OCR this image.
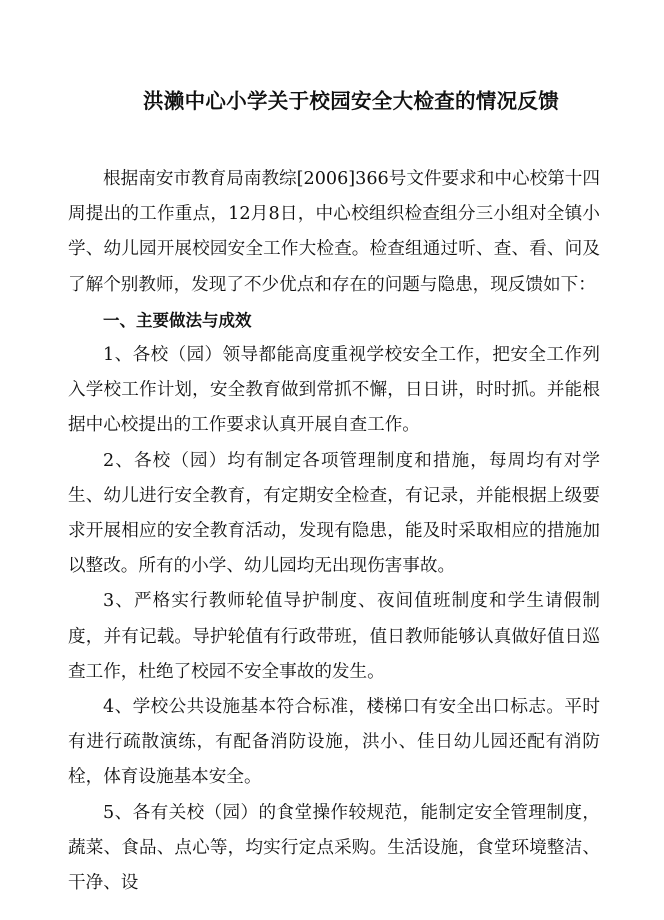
洪濑中心小学关于校园安全大检查的情况反馈

根据南安市教育局南教综[2006]366号文件要求和中心校第十四周提出的工作重点，12月8日，中心校组织检查组分三小组对全镇小学、幼儿园开展校园安全工作大检查。检查组通过听、查、看、问及了解个别教师，发现了不少优点和存在的问题与隐患，现反馈如下：

一、主要做法与成效

1、各校（园）领导都能高度重视学校安全工作，把安全工作列入学校工作计划，安全教育做到常抓不懈，日日讲，时时抓。并能根据中心校提出的工作要求认真开展自查工作。

2、各校（园）均有制定各项管理制度和措施，每周均有对学生、幼儿进行安全教育，有定期安全检查，有记录，并能根据上级要求开展相应的安全教育活动，发现有隐患，能及时采取相应的措施加以整改。所有的小学、幼儿园均无出现伤害事故。

3、严格实行教师轮值导护制度、夜间值班制度和学生请假制度，并有记载。导护轮值有行政带班，值日教师能够认真做好值日巡查工作，杜绝了校园不安全事故的发生。

4、学校公共设施基本符合标准，楼梯口有安全出口标志。平时有进行疏散演练，有配备消防设施，洪小、佳日幼儿园还配有消防栓，体育设施基本安全。

5、各有关校（园）的食堂操作较规范，能制定安全管理制度，蔬菜、食品、点心等，均实行定点采购。生活设施，食堂环境整洁、干净、设
